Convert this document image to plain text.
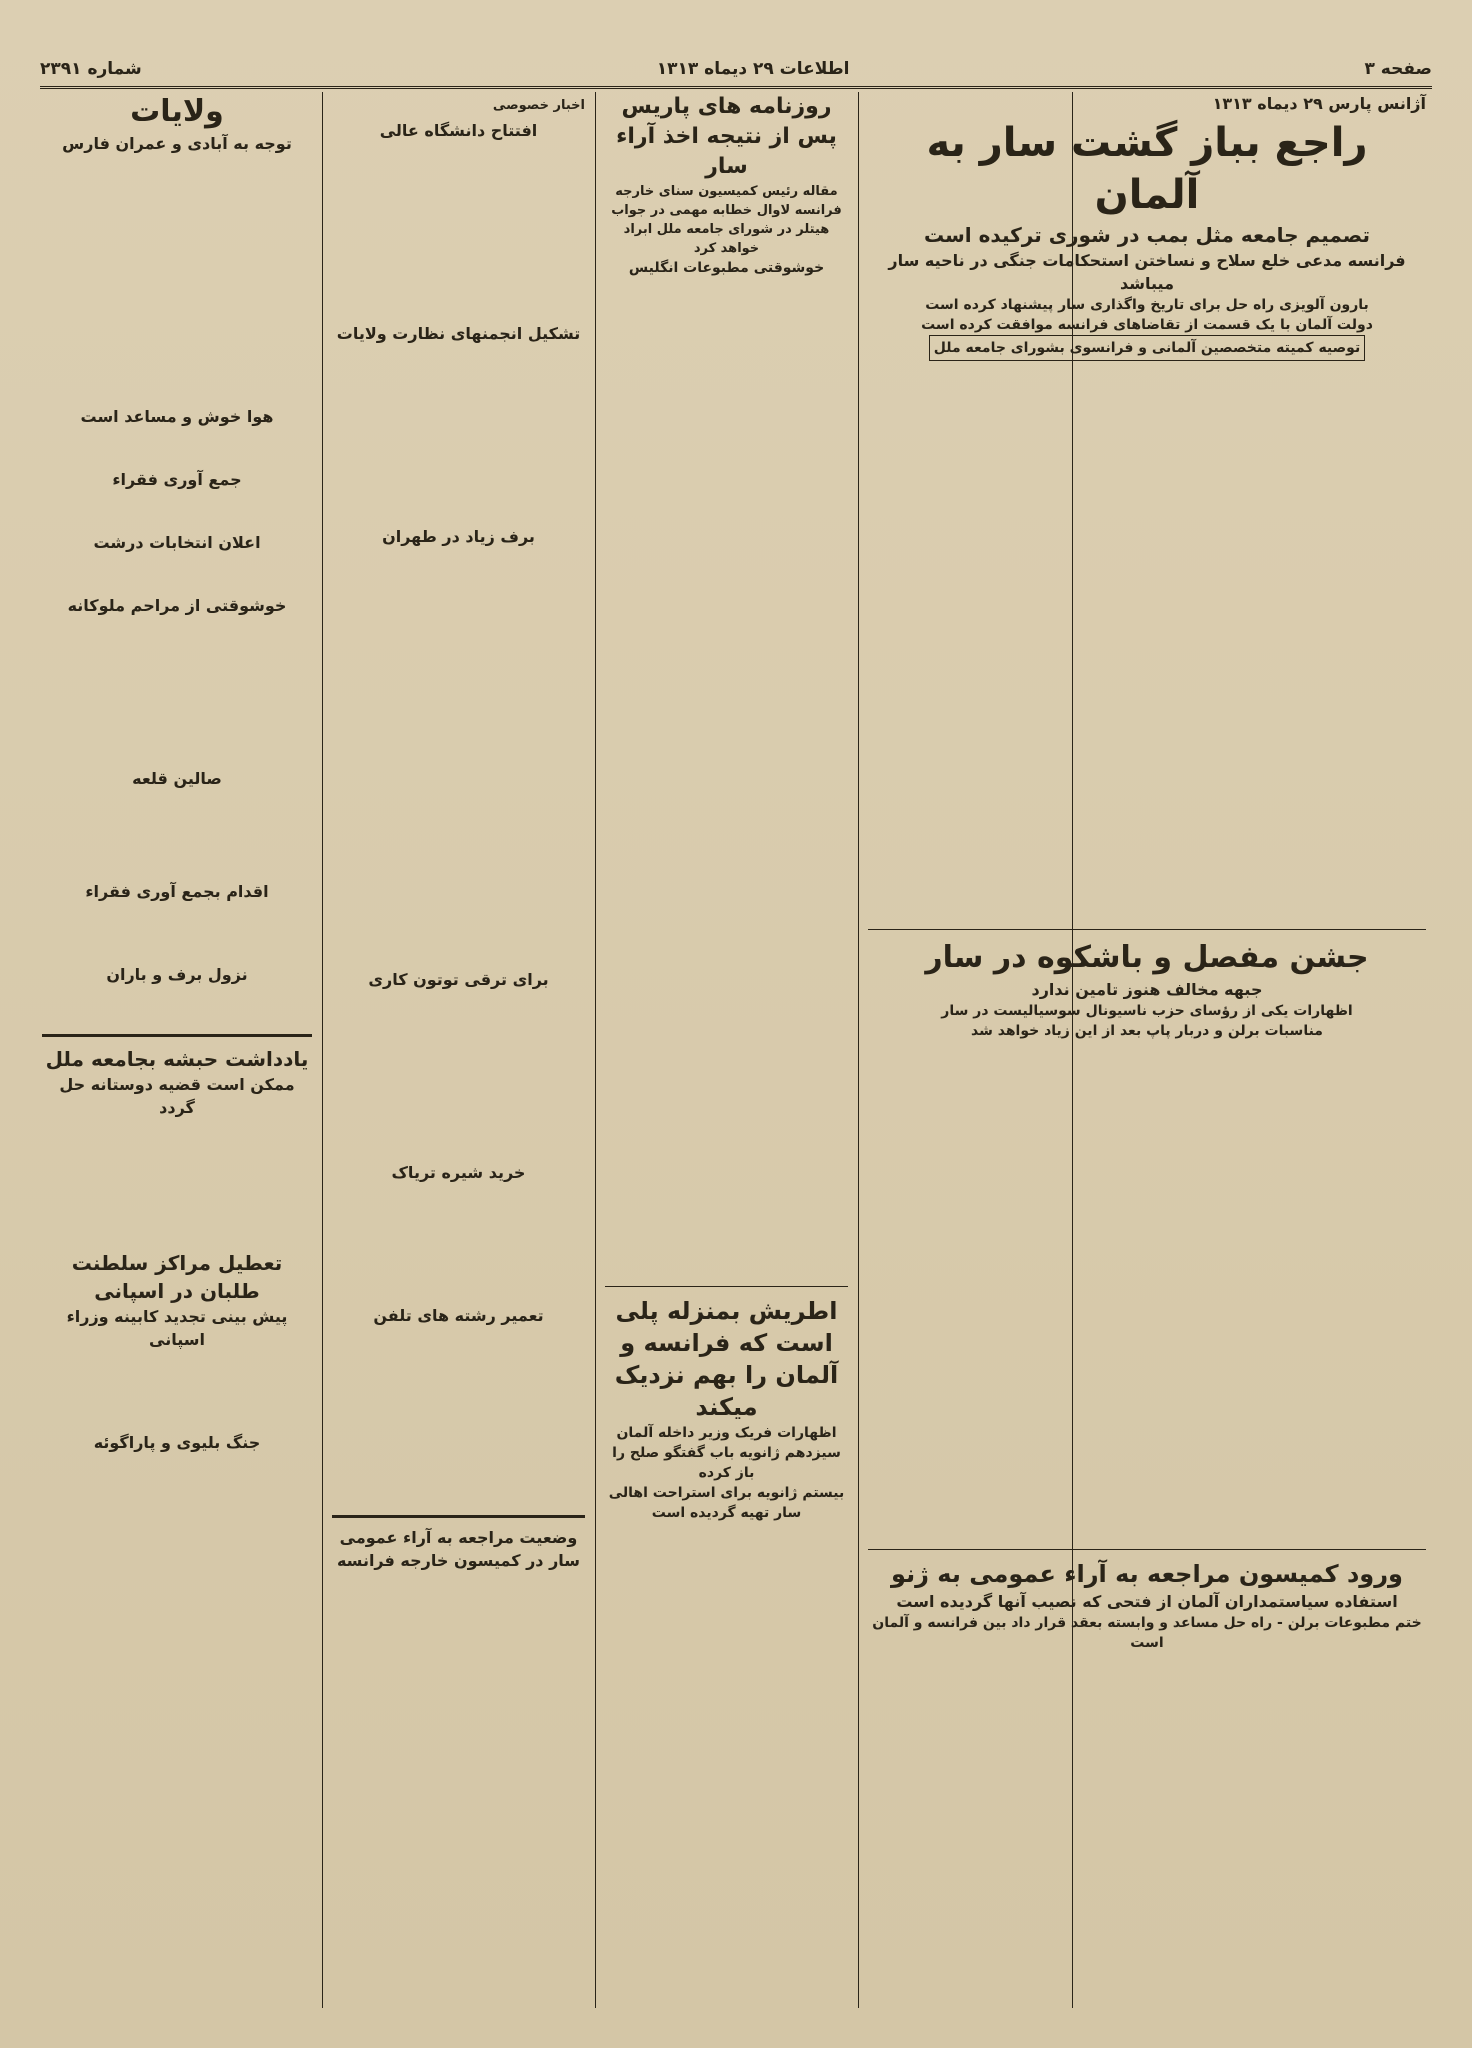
صفحه ۳
اطلاعات ۲۹ دیماه ۱۳۱۳
شماره ۲۳۹۱
آژانس پارس ۲۹ دیماه ۱۳۱۳
راجع بباز گشت سار به آلمان
تصمیم جامعه مثل بمب در شوری ترکیده است
فرانسه مدعی خلع سلاح و نساختن استحکامات جنگی در ناحیه سار میباشد
بارون آلویزی راه حل برای تاریخ واگذاری سار پیشنهاد کرده است
دولت آلمان با یک قسمت از تقاضاهای فرانسه موافقت کرده است
توصیه کمیته متخصصین آلمانی و فرانسوی بشورای جامعه ملل
جشن مفصل و باشکوه در سار
جبهه مخالف هنوز تامین ندارد
اظهارات یکی از رؤسای حزب ناسیونال سوسیالیست در سار
مناسبات برلن و دربار پاپ بعد از این زیاد خواهد شد
ورود کمیسون مراجعه به آراء عمومی به ژنو
استفاده سیاستمداران آلمان از فتحی که نصیب آنها گردیده است
ختم مطبوعات برلن - راه حل مساعد و وابسته بعقد قرار داد بین فرانسه و آلمان است
روزنامه های پاریس پس از نتیجه اخذ آراء سار
مقاله رئیس کمیسیون سنای خارجه فرانسه لاوال خطابه مهمی در جواب هیتلر در شورای جامعه ملل ابراد خواهد کرد
خوشوقتی مطبوعات انگلیس
اطریش بمنزله پلی است که فرانسه و آلمان را بهم نزدیک میکند
اظهارات فریک وزیر داخله آلمان
سیزدهم ژانویه باب گفتگو صلح را باز کرده
بیستم ژانویه برای استراحت اهالی سار تهیه گردیده است
اخبار خصوصی
افتتاح دانشگاه عالی
تشکیل انجمنهای نظارت ولایات
برف زیاد در طهران
برای ترقی توتون کاری
خرید شیره تریاک
تعمیر رشته های تلفن
وضعیت مراجعه به آراء عمومی سار در کمیسون خارجه فرانسه
ولایات
توجه به آبادی و عمران فارس
هوا خوش و مساعد است
جمع آوری فقراء
اعلان انتخابات درشت
خوشوقتی از مراحم ملوکانه
صالین قلعه
اقدام بجمع آوری فقراء
نزول برف و باران
یادداشت حبشه بجامعه ملل
ممکن است قضیه دوستانه حل گردد
تعطیل مراکز سلطنت طلبان در اسپانی
پیش بینی تجدید کابینه وزراء اسپانی
جنگ بلیوی و پاراگوئه
